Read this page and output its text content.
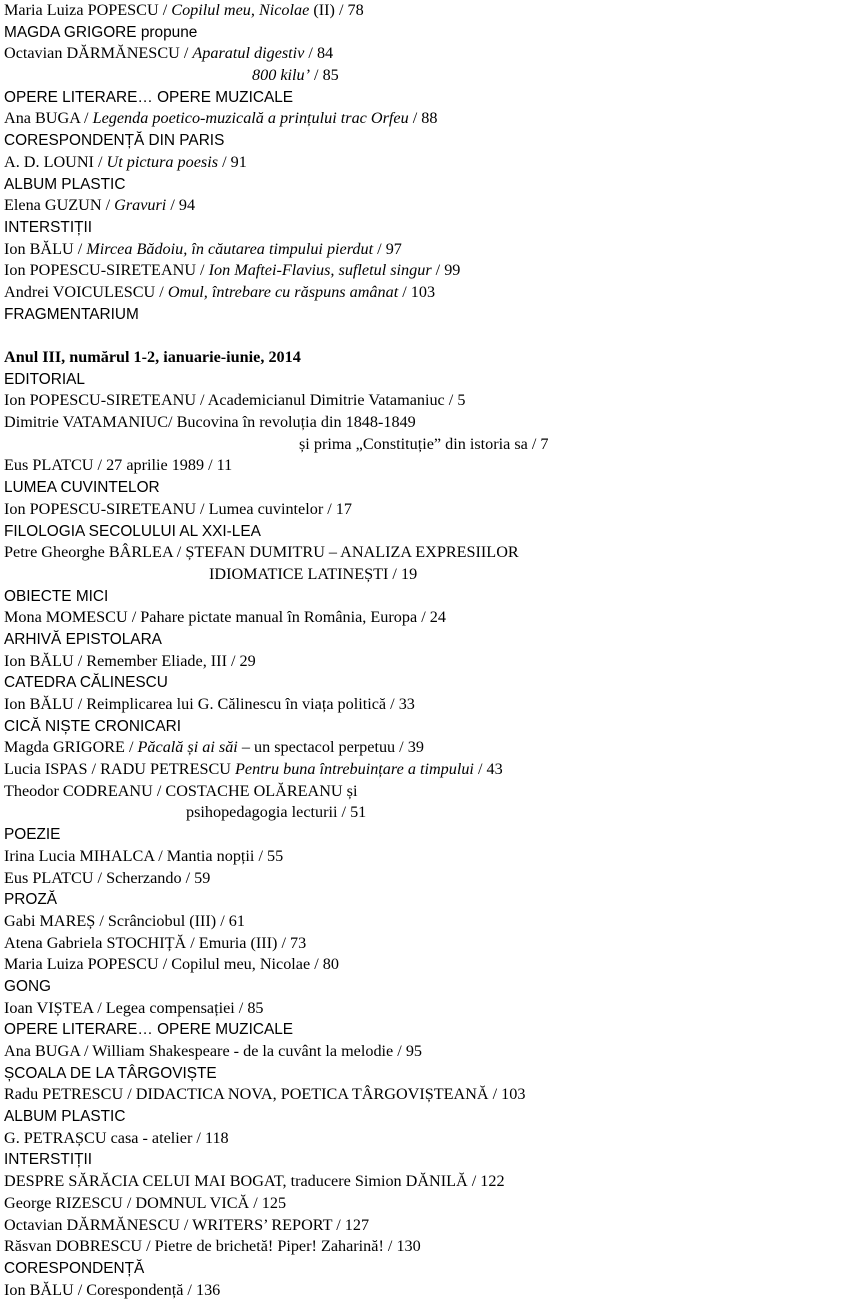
Maria Luiza POPESCU / Copilul meu, Nicolae (II) / 78
MAGDA GRIGORE propune
Octavian DĂRMĂNESCU / Aparatul digestiv / 84
800 kilu’ / 85
OPERE LITERARE… OPERE MUZICALE
Ana BUGA / Legenda poetico-muzicală a prințului trac Orfeu / 88
CORESPONDENȚĂ DIN PARIS
A. D. LOUNI / Ut pictura poesis / 91
ALBUM PLASTIC
Elena GUZUN / Gravuri / 94
INTERSTIȚII
Ion BĂLU / Mircea Bădoiu, în căutarea timpului pierdut / 97
Ion POPESCU-SIRETEANU / Ion Maftei-Flavius, sufletul singur / 99
Andrei VOICULESCU / Omul, întrebare cu răspuns amânat / 103
FRAGMENTARIUM
Anul III, numărul 1-2, ianuarie-iunie, 2014
EDITORIAL
Ion POPESCU-SIRETEANU / Academicianul Dimitrie Vatamaniuc / 5
Dimitrie VATAMANIUC/ Bucovina în revoluția din 1848-1849
și prima „Constituție” din istoria sa / 7
Eus PLATCU / 27 aprilie 1989 / 11
LUMEA CUVINTELOR
Ion POPESCU-SIRETEANU / Lumea cuvintelor / 17
FILOLOGIA SECOLULUI AL XXI-LEA
Petre Gheorghe BÂRLEA / ȘTEFAN DUMITRU – ANALIZA EXPRESIILOR
IDIOMATICE LATINEȘTI / 19
OBIECTE MICI
Mona MOMESCU / Pahare pictate manual în România, Europa / 24
ARHIVĂ EPISTOLARA
Ion BĂLU / Remember Eliade, III / 29
CATEDRA CĂLINESCU
Ion BĂLU / Reimplicarea lui G. Călinescu în viața politică / 33
CICĂ NIȘTE CRONICARI
Magda GRIGORE / Păcală și ai săi – un spectacol perpetuu / 39
Lucia ISPAS / RADU PETRESCU Pentru buna întrebuințare a timpului / 43
Theodor CODREANU / COSTACHE OLĂREANU și
psihopedagogia lecturii / 51
POEZIE
Irina Lucia MIHALCA / Mantia nopții / 55
Eus PLATCU / Scherzando / 59
PROZĂ
Gabi MAREȘ / Scrânciobul (III) / 61
Atena Gabriela STOCHIȚĂ / Emuria (III) / 73
Maria Luiza POPESCU / Copilul meu, Nicolae / 80
GONG
Ioan VIȘTEA / Legea compensației / 85
OPERE LITERARE… OPERE MUZICALE
Ana BUGA / William Shakespeare - de la cuvânt la melodie / 95
ȘCOALA DE LA TÂRGOVIȘTE
Radu PETRESCU / DIDACTICA NOVA, POETICA TÂRGOVIȘTEANĂ / 103
ALBUM PLASTIC
G. PETRAȘCU casa - atelier / 118
INTERSTIȚII
DESPRE SĂRĂCIA CELUI MAI BOGAT, traducere Simion DĂNILĂ / 122
George RIZESCU / DOMNUL VICĂ / 125
Octavian DĂRMĂNESCU / WRITERS’ REPORT / 127
Răsvan DOBRESCU / Pietre de brichetă! Piper! Zaharină! / 130
CORESPONDENȚĂ
Ion BĂLU / Corespondență / 136
